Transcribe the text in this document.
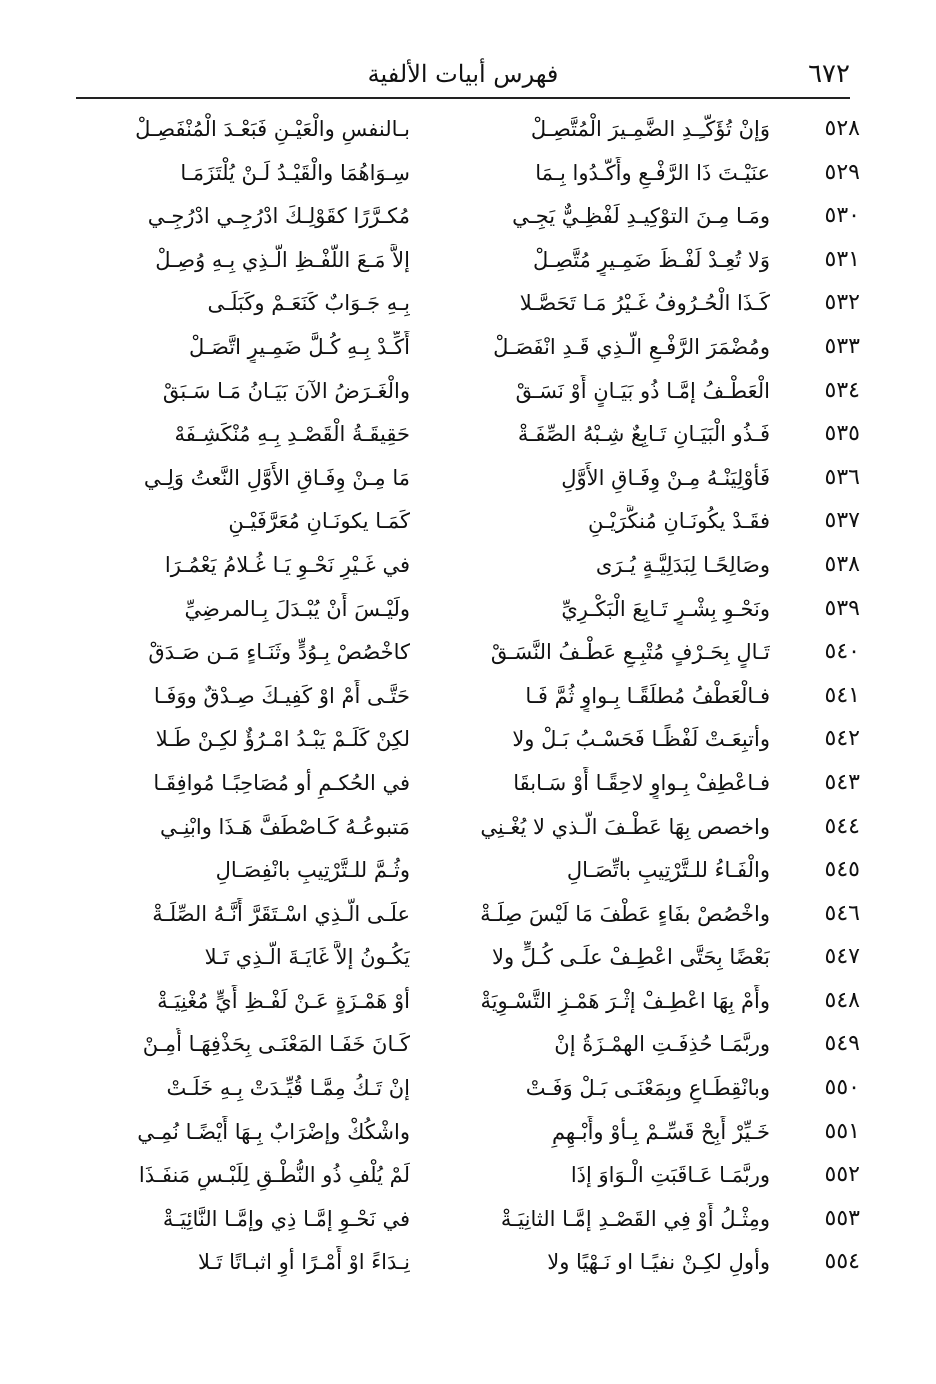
٦٧٢
فهرس أبيات الألفية
٥٢٨
وَإنْ تُؤَكّـِـدِ الضَّمِـيرَ الْمُتَّصِـلْ
بـالنفسِ والْعَيْـنِ فَبَعْـدَ الْمُنْفَصِـلْ
٥٢٩
عنَيْـتَ ذَا الرَّفْـعِ وأَكّـدُوا بِـمَا
سِـوَاهُمَا والْقَيْـدُ لَـنْ يُلْتَزَمَـا
٥٣٠
ومَـا مِـنَ التوْكِيـدِ لَفْظِـيٌّ يَجِـي
مُكـرَّرًا كقَوْلِـكَ ادْرُجِـي ادْرُجِـي
٥٣١
وَلا تُعِـدْ لَفْـظَ ضَمِـيرٍ مُتَّصِـلْ
إلاَّ مَـعَ اللَّفْـظِ الَّـذِي بِـهِ وُصِـلْ
٥٣٢
كَـذَا الْحُـرُوفُ غَـيْرُ مَـا تَحَصَّـلا
بِـهِ جَـوَابٌ كَنَعَـمْ وكَبَلَـى
٥٣٣
ومُضْمَرَ الرَّفْـعِ الَّـذِي قَـدِ انْفَصَـلْ
أَكِّـدْ بِـهِ كُـلَّ ضَمِـيرٍ اتَّصَـلْ
٥٣٤
الْعَطْـفُ إمَّـا ذُو بَيَـانٍ أَوْ نَسَـقْ
والْغَـرَضُ الآنَ بَيَـانُ مَـا سَـبَقْ
٥٣٥
فَـذُو الْبَيَـانِ تَـابِعٌ شِـبْهُ الصِّفَـةْ
حَقِيقَـةُ الْقَصْـدِ بِـهِ مُنْكَشِـفَهْ
٥٣٦
فَأَوْلِيَنْـهُ مِـنْ وِفَـاقِ الأَوَّلِ
مَا مِـنْ وِفَـاقِ الأَوَّلِ النَّعتُ وَلِـي
٥٣٧
فقَـدْ يكُونَـانِ مُنكَّرَيْـنِ
كَمَـا يكونَـانِ مُعَرَّفَيْـنِ
٥٣٨
وصَالِحًـا لِبَدَلِيَّـةٍ يُـرَى
في غَـيْرِ نَحْـوِ يَـا غُـلامُ يَعْمُـرَا
٥٣٩
ونَحْـوِ بِشْـرٍ تَـابِعَ الْبَكْـرِيِّ
ولَيْـسَ أَنْ يُبْـدَلَ بِـالمرضِيِّ
٥٤٠
تَـالٍ بِحَـرْفٍ مُتْبِـعٍ عَطْـفُ النَّسَـقْ
كاخْصُصْ بِـوُدٍّ وثَنَـاءٍ مَـن صَـدَقْ
٥٤١
فـالْعَطْفُ مُطلَقًـا بِـواوٍ ثُمَّ فَـا
حَتَّـى أَمْ اوْ كَفِيـكَ صِـدْقٌ ووَفَـا
٥٤٢
وأتبِعَـتْ لَفْظًـا فَحَسْـبُ بَـلْ ولا
لكِنْ كَلَـمْ يَبْـدُ امْـرُؤٌ لكِـنْ طَـلا
٥٤٣
فـاعْطِفْ بِـواوٍ لاحِقًـا أَوْ سَـابقَا
في الحُكـمِ أو مُصَاحِبًـا مُوافِقَـا
٥٤٤
واخصص بِهَا عَطْـفَ الَّـذي لا يُغْـنِي
مَتبوعُـهُ كَـاصْطَفَّ هَـذَا وابْنِـي
٥٤٥
والْفَـاءُ للـتَّرْتِيبِ باتِّصَـالِ
وثُـمَّ للـتَّرْتِيبِ بانْفِصَـالِ
٥٤٦
واخْصُصْ بفَاءٍ عَطْفَ مَا لَيْسَ صِلَـةْ
علَـى الَّـذِي اسْـتَقَرَّ أَنَّـهُ الصِّلَـةْ
٥٤٧
بَعْضًا بِحَتَّى اعْطِـفْ علَـى كُـلٍّ ولا
يَكُـونُ إلاَّ غَايَـةَ الَّـذِي تَـلا
٥٤٨
وأَمْ بِهَا اعْطِـفْ إثْـرَ هَمْـزِ التَّسْـوِيَةْ
أوْ هَمْـزَةٍ عَـنْ لَفْـظِ أَيٍّ مُغْنِيَـةْ
٥٤٩
وربَّمَـا حُذِفَـتِ الهمْـزَةُ إنْ
كَـانَ خَفَـا المَعْنَـى بِحَذْفِهَـا أُمِـنْ
٥٥٠
وبانْقِطَـاعٍ وبِمَعْنَـى بَـلْ وَفَـتْ
إنْ تَـكُ مِمَّـا قُيِّـدَتْ بِـهِ خَلَـتْ
٥٥١
خَـيِّرْ أَبِحْ قَسِّـمْ بِـأَوْ وأَبْـهِمِ
واشْكُكْ وإضْرَابٌ بِـهَا أَيْضًـا نُمِـي
٥٥٢
وربَّمَـا عَـاقَبَتِ الْـوَاوَ إذَا
لَمْ يُلْفِ ذُو النُّطْـقِ لِلَبْـسٍ مَنفَـذَا
٥٥٣
ومِثْـلُ أَوْ فِي القَصْـدِ إمَّـا الثانِيَـةْ
في نَحْـوِ إمَّـا ذِي وإمَّـا النَّائِيَـةْ
٥٥٤
وأولِ لكِـنْ نفيًـا او نَـهْيًا ولا
نِـدَاءً اوْ أَمْـرًا أوِ اثبـاتًا تَـلا
